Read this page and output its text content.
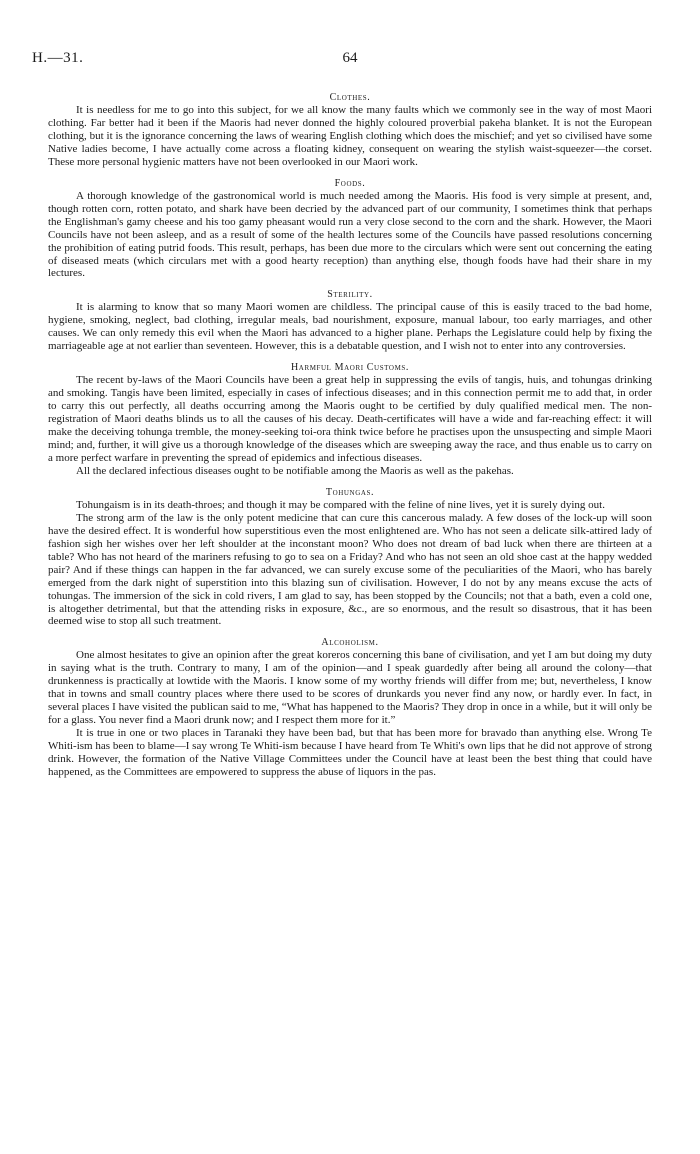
H.—31.	64
Clothes.

It is needless for me to go into this subject, for we all know the many faults which we commonly see in the way of most Maori clothing. Far better had it been if the Maoris had never donned the highly coloured proverbial pakeha blanket. It is not the European clothing, but it is the ignorance concerning the laws of wearing English clothing which does the mischief; and yet so civilised have some Native ladies become, I have actually come across a floating kidney, consequent on wearing the stylish waist-squeezer—the corset. These more personal hygienic matters have not been overlooked in our Maori work.

Foods.

A thorough knowledge of the gastronomical world is much needed among the Maoris. His food is very simple at present, and, though rotten corn, rotten potato, and shark have been decried by the advanced part of our community, I sometimes think that perhaps the Englishman's gamy cheese and his too gamy pheasant would run a very close second to the corn and the shark. However, the Maori Councils have not been asleep, and as a result of some of the health lectures some of the Councils have passed resolutions concerning the prohibition of eating putrid foods. This result, perhaps, has been due more to the circulars which were sent out concerning the eating of diseased meats (which circulars met with a good hearty reception) than anything else, though foods have had their share in my lectures.

Sterility.

It is alarming to know that so many Maori women are childless. The principal cause of this is easily traced to the bad home, hygiene, smoking, neglect, bad clothing, irregular meals, bad nourishment, exposure, manual labour, too early marriages, and other causes. We can only remedy this evil when the Maori has advanced to a higher plane. Perhaps the Legislature could help by fixing the marriageable age at not earlier than seventeen. However, this is a debatable question, and I wish not to enter into any controversies.

Harmful Maori Customs.

The recent by-laws of the Maori Councils have been a great help in suppressing the evils of tangis, huis, and tohungas drinking and smoking. Tangis have been limited, especially in cases of infectious diseases; and in this connection permit me to add that, in order to carry this out perfectly, all deaths occurring among the Maoris ought to be certified by duly qualified medical men. The non-registration of Maori deaths blinds us to all the causes of his decay. Death-certificates will have a wide and far-reaching effect: it will make the deceiving tohunga tremble, the money-seeking toi-ora think twice before he practises upon the unsuspecting and simple Maori mind; and, further, it will give us a thorough knowledge of the diseases which are sweeping away the race, and thus enable us to carry on a more perfect warfare in preventing the spread of epidemics and infectious diseases.

All the declared infectious diseases ought to be notifiable among the Maoris as well as the pakehas.

Tohungas.

Tohungaism is in its death-throes; and though it may be compared with the feline of nine lives, yet it is surely dying out.

The strong arm of the law is the only potent medicine that can cure this cancerous malady. A few doses of the lock-up will soon have the desired effect. It is wonderful how superstitious even the most enlightened are. Who has not seen a delicate silk-attired lady of fashion sigh her wishes over her left shoulder at the inconstant moon? Who does not dream of bad luck when there are thirteen at a table? Who has not heard of the mariners refusing to go to sea on a Friday? And who has not seen an old shoe cast at the happy wedded pair? And if these things can happen in the far advanced, we can surely excuse some of the peculiarities of the Maori, who has barely emerged from the dark night of superstition into this blazing sun of civilisation. However, I do not by any means excuse the acts of tohungas. The immersion of the sick in cold rivers, I am glad to say, has been stopped by the Councils; not that a bath, even a cold one, is altogether detrimental, but that the attending risks in exposure, &c., are so enormous, and the result so disastrous, that it has been deemed wise to stop all such treatment.

Alcoholism.

One almost hesitates to give an opinion after the great koreros concerning this bane of civilisation, and yet I am but doing my duty in saying what is the truth. Contrary to many, I am of the opinion—and I speak guardedly after being all around the colony—that drunkenness is practically at lowtide with the Maoris. I know some of my worthy friends will differ from me; but, nevertheless, I know that in towns and small country places where there used to be scores of drunkards you never find any now, or hardly ever. In fact, in several places I have visited the publican said to me, “What has happened to the Maoris? They drop in once in a while, but it will only be for a glass. You never find a Maori drunk now; and I respect them more for it.”

It is true in one or two places in Taranaki they have been bad, but that has been more for bravado than anything else. Wrong Te Whiti-ism has been to blame—I say wrong Te Whiti-ism because I have heard from Te Whiti's own lips that he did not approve of strong drink. However, the formation of the Native Village Committees under the Council have at least been the best thing that could have happened, as the Committees are empowered to suppress the abuse of liquors in the pas.
